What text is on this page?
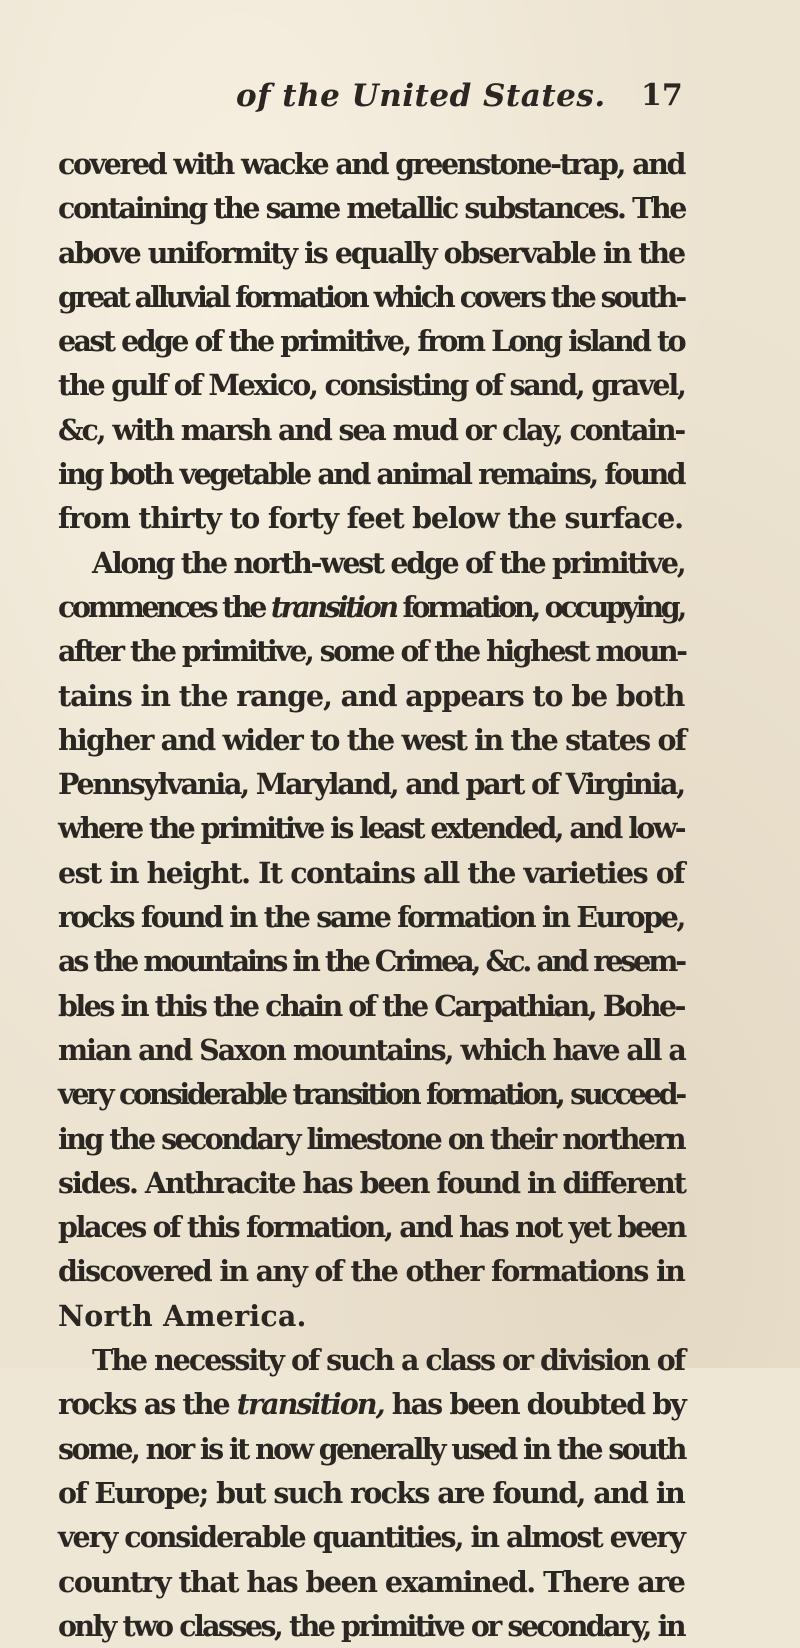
of the United States. 17
covered with wacke and greenstone-trap, and
containing the same metallic substances. The
above uniformity is equally observable in the
great alluvial formation which covers the south-
east edge of the primitive, from Long island to
the gulf of Mexico, consisting of sand, gravel,
&c, with marsh and sea mud or clay, contain-
ing both vegetable and animal remains, found
from thirty to forty feet below the surface.
Along the north-west edge of the primitive,
commences the transition formation, occupying,
after the primitive, some of the highest moun-
tains in the range, and appears to be both
higher and wider to the west in the states of
Pennsylvania, Maryland, and part of Virginia,
where the primitive is least extended, and low-
est in height. It contains all the varieties of
rocks found in the same formation in Europe,
as the mountains in the Crimea, &c. and resem-
bles in this the chain of the Carpathian, Bohe-
mian and Saxon mountains, which have all a
very considerable transition formation, succeed-
ing the secondary limestone on their northern
sides. Anthracite has been found in different
places of this formation, and has not yet been
discovered in any of the other formations in
North America.
The necessity of such a class or division of
rocks as the transition, has been doubted by
some, nor is it now generally used in the south
of Europe; but such rocks are found, and in
very considerable quantities, in almost every
country that has been examined. There are
only two classes, the primitive or secondary, in
